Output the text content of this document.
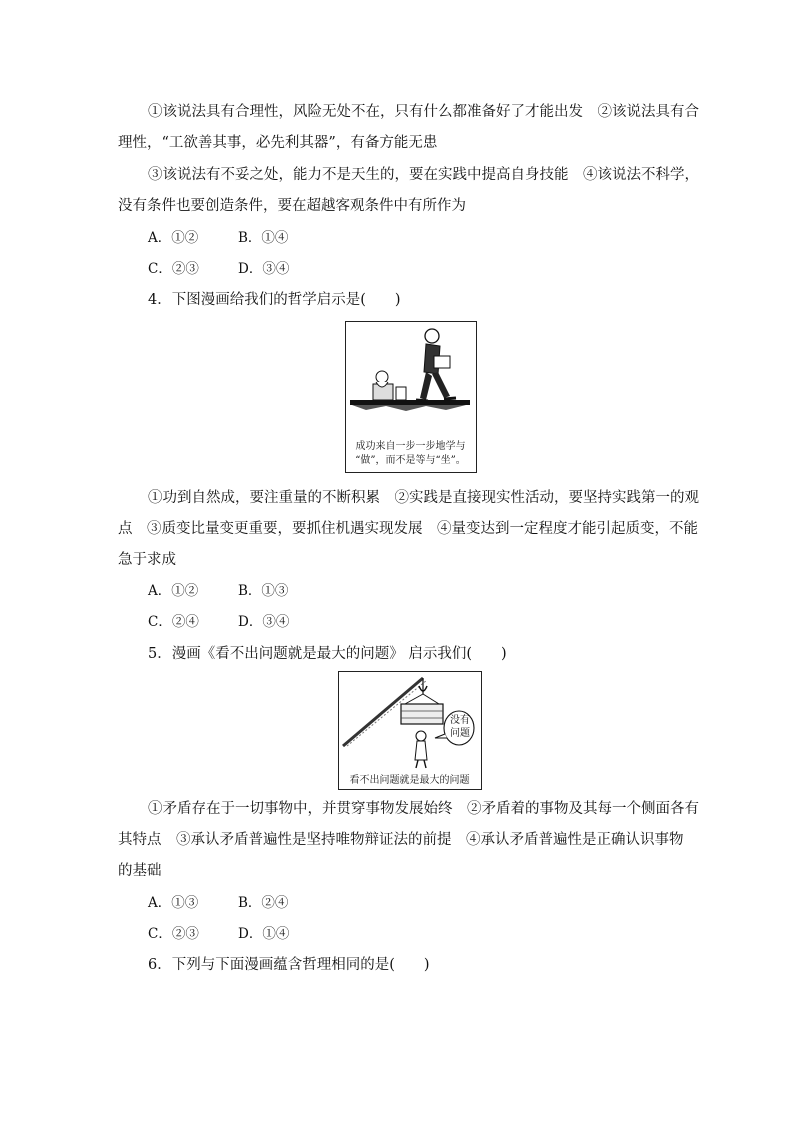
①该说法具有合理性，风险无处不在，只有什么都准备好了才能出发　②该说法具有合
理性，“工欲善其事，必先利其器”，有备方能无患
③该说法有不妥之处，能力不是天生的，要在实践中提高自身技能　④该说法不科学，
没有条件也要创造条件，要在超越客观条件中有所作为
A．①②	B．①④
C．②③	D．③④
4．下图漫画给我们的哲学启示是(　　)
成功来自一步一步地学与
“做”，而不是等与“坐”。
①功到自然成，要注重量的不断积累　②实践是直接现实性活动，要坚持实践第一的观
点　③质变比量变更重要，要抓住机遇实现发展　④量变达到一定程度才能引起质变，不能
急于求成
A．①②	B．①③
C．②④	D．③④
5．漫画《看不出问题就是最大的问题》 启示我们(　　)
没有
问题
看不出问题就是最大的问题
①矛盾存在于一切事物中，并贯穿事物发展始终　②矛盾着的事物及其每一个侧面各有
其特点　③承认矛盾普遍性是坚持唯物辩证法的前提　④承认矛盾普遍性是正确认识事物
的基础
A．①③	B．②④
C．②③	D．①④
6．下列与下面漫画蕴含哲理相同的是(　　)
